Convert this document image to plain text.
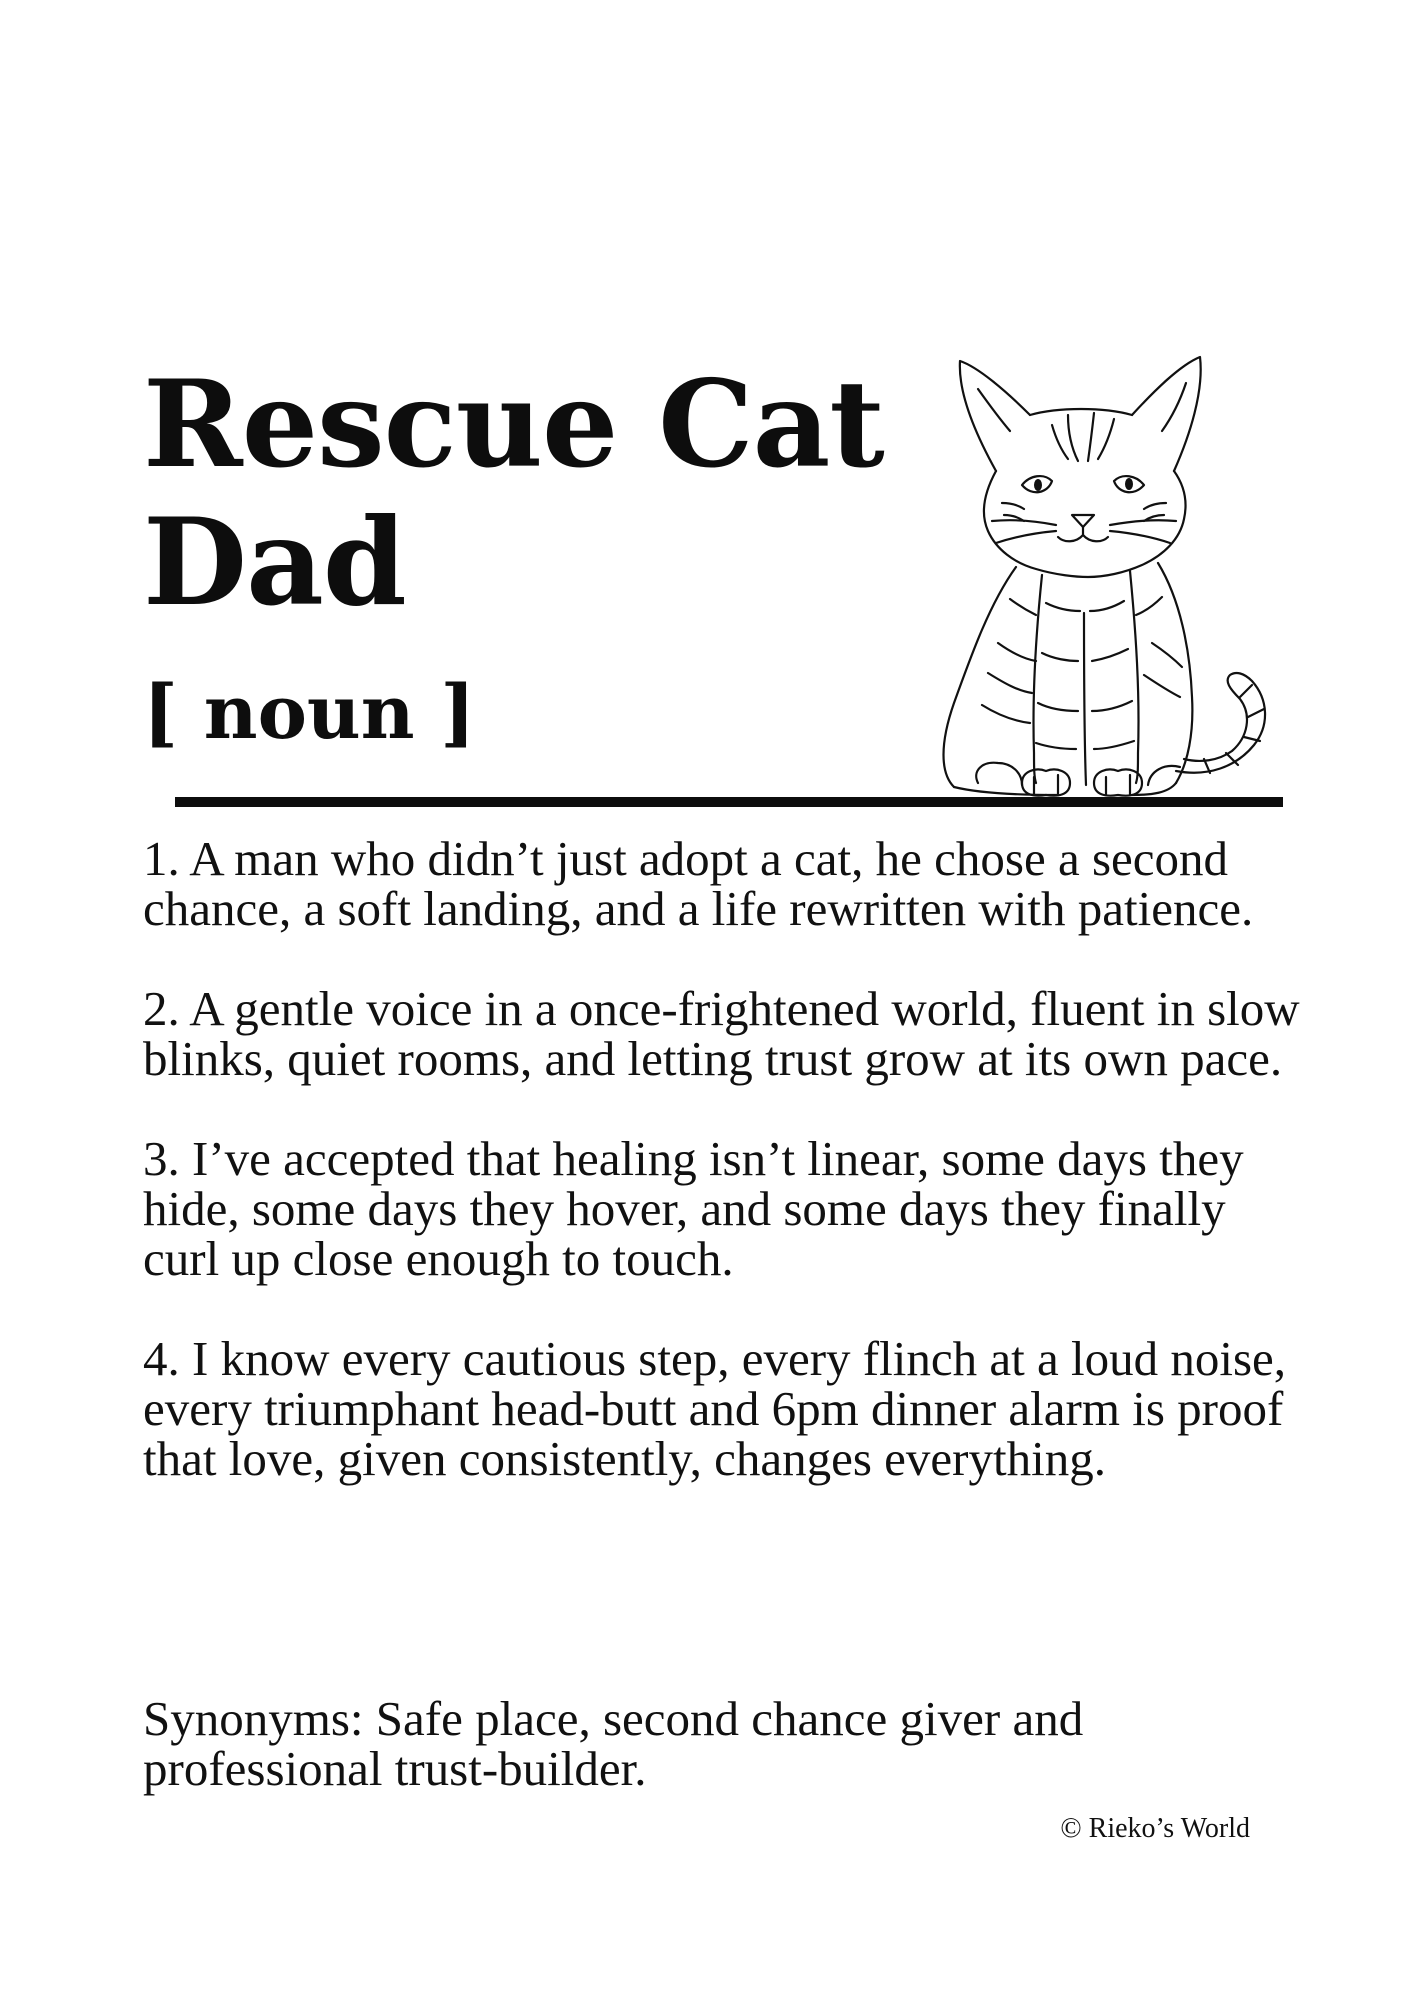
Rescue Cat Dad

[ noun ]

1. A man who didn’t just adopt a cat, he chose a second chance, a soft landing, and a life rewritten with patience.
2. A gentle voice in a once-frightened world, fluent in slow blinks, quiet rooms, and letting trust grow at its own pace.
3. I’ve accepted that healing isn’t linear, some days they hide, some days they hover, and some days they finally curl up close enough to touch.
4. I know every cautious step, every flinch at a loud noise, every triumphant head-butt and 6pm dinner alarm is proof that love, given consistently, changes everything.

Synonyms: Safe place, second chance giver and professional trust-builder.

© Rieko’s World
